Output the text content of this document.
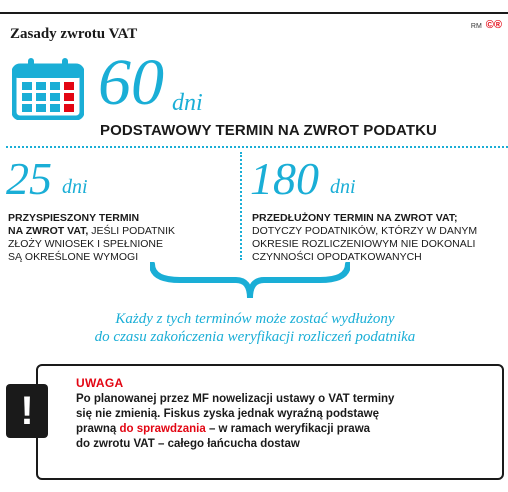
Zasady zwrotu VAT	RM ©®
60 dni
PODSTAWOWY TERMIN NA ZWROT PODATKU
25 dni
PRZYSPIESZONY TERMIN
NA ZWROT VAT, JEŚLI PODATNIK
ZŁOŻY WNIOSEK I SPEŁNIONE
SĄ OKREŚLONE WYMOGI
180 dni
PRZEDŁUŻONY TERMIN NA ZWROT VAT;
DOTYCZY PODATNIKÓW, KTÓRZY W DANYM
OKRESIE ROZLICZENIOWYM NIE DOKONALI
CZYNNOŚCI OPODATKOWANYCH
Każdy z tych terminów może zostać wydłużony
do czasu zakończenia weryfikacji rozliczeń podatnika
!
UWAGA
Po planowanej przez MF nowelizacji ustawy o VAT terminy
się nie zmienią. Fiskus zyska jednak wyraźną podstawę
prawną do sprawdzania – w ramach weryfikacji prawa
do zwrotu VAT – całego łańcucha dostaw
